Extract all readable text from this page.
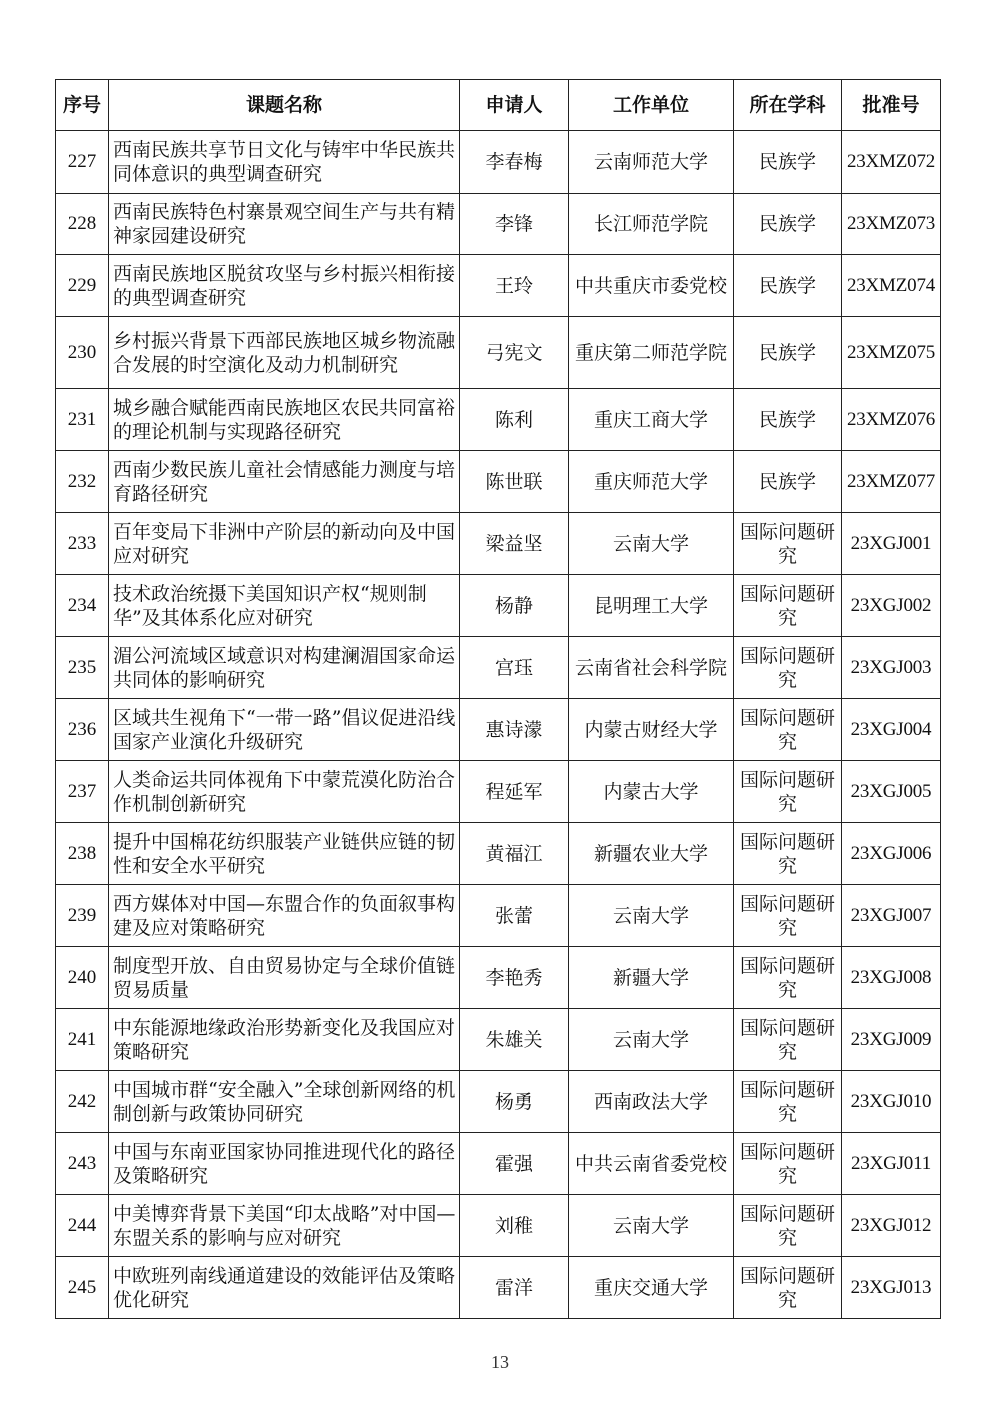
序号	课题名称	申请人	工作单位	所在学科	批准号
227	西南民族共享节日文化与铸牢中华民族共同体意识的典型调查研究	李春梅	云南师范大学	民族学	23XMZ072
228	西南民族特色村寨景观空间生产与共有精神家园建设研究	李锋	长江师范学院	民族学	23XMZ073
229	西南民族地区脱贫攻坚与乡村振兴相衔接的典型调查研究	王玲	中共重庆市委党校	民族学	23XMZ074
230	乡村振兴背景下西部民族地区城乡物流融合发展的时空演化及动力机制研究	弓宪文	重庆第二师范学院	民族学	23XMZ075
231	城乡融合赋能西南民族地区农民共同富裕的理论机制与实现路径研究	陈利	重庆工商大学	民族学	23XMZ076
232	西南少数民族儿童社会情感能力测度与培育路径研究	陈世联	重庆师范大学	民族学	23XMZ077
233	百年变局下非洲中产阶层的新动向及中国应对研究	梁益坚	云南大学	国际问题研究	23XGJ001
234	技术政治统摄下美国知识产权“规则制华”及其体系化应对研究	杨静	昆明理工大学	国际问题研究	23XGJ002
235	湄公河流域区域意识对构建澜湄国家命运共同体的影响研究	宫珏	云南省社会科学院	国际问题研究	23XGJ003
236	区域共生视角下“一带一路”倡议促进沿线国家产业演化升级研究	惠诗濛	内蒙古财经大学	国际问题研究	23XGJ004
237	人类命运共同体视角下中蒙荒漠化防治合作机制创新研究	程延军	内蒙古大学	国际问题研究	23XGJ005
238	提升中国棉花纺织服装产业链供应链的韧性和安全水平研究	黄福江	新疆农业大学	国际问题研究	23XGJ006
239	西方媒体对中国—东盟合作的负面叙事构建及应对策略研究	张蕾	云南大学	国际问题研究	23XGJ007
240	制度型开放、自由贸易协定与全球价值链贸易质量	李艳秀	新疆大学	国际问题研究	23XGJ008
241	中东能源地缘政治形势新变化及我国应对策略研究	朱雄关	云南大学	国际问题研究	23XGJ009
242	中国城市群“安全融入”全球创新网络的机制创新与政策协同研究	杨勇	西南政法大学	国际问题研究	23XGJ010
243	中国与东南亚国家协同推进现代化的路径及策略研究	霍强	中共云南省委党校	国际问题研究	23XGJ011
244	中美博弈背景下美国“印太战略”对中国—东盟关系的影响与应对研究	刘稚	云南大学	国际问题研究	23XGJ012
245	中欧班列南线通道建设的效能评估及策略优化研究	雷洋	重庆交通大学	国际问题研究	23XGJ013
13
